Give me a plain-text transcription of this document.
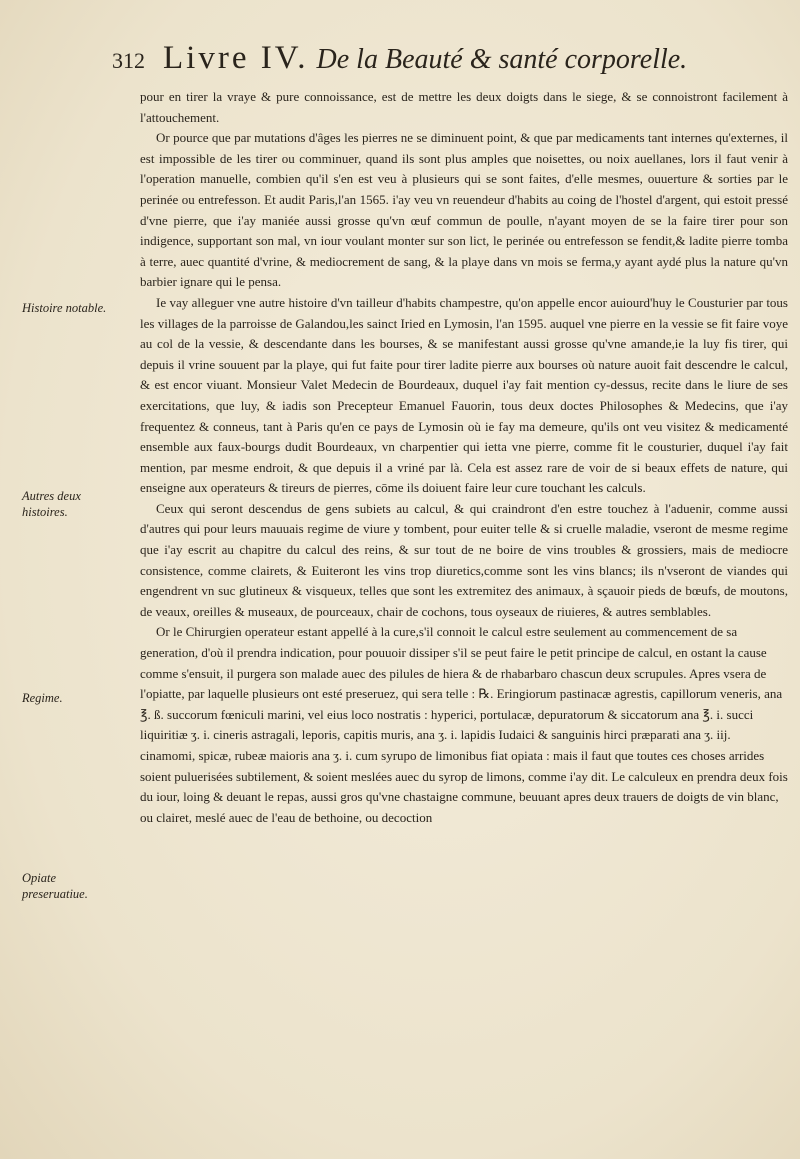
312 Livre IV. De la Beauté & santé corporelle.
Histoire notable.
Autres deux histoires.
Regime.
Opiate preseruatiue.

pour en tirer la vraye & pure connoissance, est de mettre les deux doigts dans le siege, & se connoistront facilement à l'attouchement.

Or pource que par mutations d'âges les pierres ne se diminuent point, & que par medicaments tant internes qu'externes, il est impossible de les tirer ou comminuer, quand ils sont plus amples que noisettes, ou noix auellanes, lors il faut venir à l'operation manuelle, combien qu'il s'en est veu à plusieurs qui se sont faites, d'elle mesmes, ouuerture & sorties par le perinée ou entrefesson. Et audit Paris,l'an 1565. i'ay veu vn reuendeur d'habits au coing de l'hostel d'argent, qui estoit pressé d'vne pierre, que i'ay maniée aussi grosse qu'vn œuf commun de poulle, n'ayant moyen de se la faire tirer pour son indigence, supportant son mal, vn iour voulant monter sur son lict, le perinée ou entrefesson se fendit,& ladite pierre tomba à terre, auec quantité d'vrine, & mediocrement de sang, & la playe dans vn mois se ferma,y ayant aydé plus la nature qu'vn barbier ignare qui le pensa.

Ie vay alleguer vne autre histoire d'vn tailleur d'habits champestre, qu'on appelle encor auiourd'huy le Cousturier par tous les villages de la parroisse de Galandou,les sainct Iried en Lymosin, l'an 1595. auquel vne pierre en la vessie se fit faire voye au col de la vessie, & descendante dans les bourses, & se manifestant aussi grosse qu'vne amande,ie la luy fis tirer, qui depuis il vrine souuent par la playe, qui fut faite pour tirer ladite pierre aux bourses où nature auoit fait descendre le calcul, & est encor viuant. Monsieur Valet Medecin de Bourdeaux, duquel i'ay fait mention cy-dessus, recite dans le liure de ses exercitations, que luy, & iadis son Precepteur Emanuel Fauorin, tous deux doctes Philosophes & Medecins, que i'ay frequentez & conneus, tant à Paris qu'en ce pays de Lymosin où ie fay ma demeure, qu'ils ont veu visitez & medicamenté ensemble aux faux-bourgs dudit Bourdeaux, vn charpentier qui ietta vne pierre, comme fit le cousturier, duquel i'ay fait mention, par mesme endroit, & que depuis il a vriné par là. Cela est assez rare de voir de si beaux effets de nature, qui enseigne aux operateurs & tireurs de pierres, cōme ils doiuent faire leur cure touchant les calculs.

Ceux qui seront descendus de gens subiets au calcul, & qui craindront d'en estre touchez à l'aduenir, comme aussi d'autres qui pour leurs mauuais regime de viure y tombent, pour euiter telle & si cruelle maladie, vseront de mesme regime que i'ay escrit au chapitre du calcul des reins, & sur tout de ne boire de vins troubles & grossiers, mais de mediocre consistence, comme clairets, & Euiteront les vins trop diuretics,comme sont les vins blancs; ils n'vseront de viandes qui engendrent vn suc glutineux & visqueux, telles que sont les extremitez des animaux, à sçauoir pieds de bœufs, de moutons, de veaux, oreilles & museaux, de pourceaux, chair de cochons, tous oyseaux de riuieres, & autres semblables.

Or le Chirurgien operateur estant appellé à la cure,s'il connoit le calcul estre seulement au commencement de sa generation, d'où il prendra indication, pour pouuoir dissiper s'il se peut faire le petit principe de calcul, en ostant la cause comme s'ensuit, il purgera son malade auec des pilules de hiera & de rhabarbaro chascun deux scrupules. Apres vsera de l'opiatte, par laquelle plusieurs ont esté preseruez, qui sera telle : ℞. Eringiorum pastinacæ agrestis, capillorum veneris, ana ℥. ß. succorum fœniculi marini, vel eius loco nostratis : hyperici, portulacæ, depuratorum & siccatorum ana ℥. i. succi liquiritiæ ʒ. i. cineris astragali, leporis, capitis muris, ana ʒ. i. lapidis Iudaici & sanguinis hirci præparati ana ʒ. iij. cinamomi, spicæ, rubeæ maioris ana ʒ. i. cum syrupo de limonibus fiat opiata : mais il faut que toutes ces choses arrides soient puluerisées subtilement, & soient meslées auec du syrop de limons, comme i'ay dit. Le calculeux en prendra deux fois du iour, loing & deuant le repas, aussi gros qu'vne chastaigne commune, beuuant apres deux trauers de doigts de vin blanc, ou clairet, meslé auec de l'eau de bethoine, ou decoction
